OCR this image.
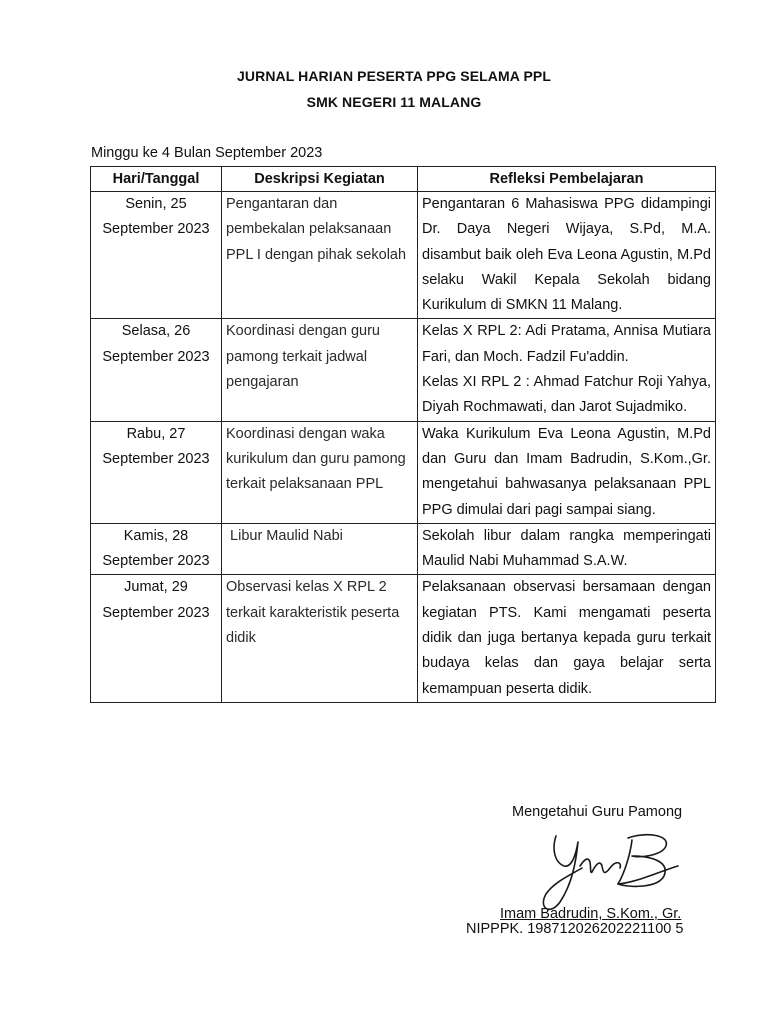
JURNAL HARIAN PESERTA PPG SELAMA PPL
SMK NEGERI 11 MALANG
Minggu ke 4 Bulan September 2023
Hari/Tanggal	Deskripsi Kegiatan	Refleksi Pembelajaran
Senin, 25 September 2023	Pengantaran dan pembekalan pelaksanaan PPL I dengan pihak sekolah	Pengantaran 6 Mahasiswa PPG didampingi Dr. Daya Negeri Wijaya, S.Pd, M.A. disambut baik oleh Eva Leona Agustin, M.Pd selaku Wakil Kepala Sekolah bidang Kurikulum di SMKN 11 Malang.

Selasa, 26 September 2023	Koordinasi dengan guru pamong terkait jadwal pengajaran	Kelas X RPL 2: Adi Pratama, Annisa Mutiara Fari, dan Moch. Fadzil Fu'addin.

Kelas XI RPL 2 : Ahmad Fatchur Roji Yahya, Diyah Rochmawati, dan Jarot Sujadmiko.

Rabu, 27 September 2023	Koordinasi dengan waka kurikulum dan guru pamong terkait pelaksanaan PPL	Waka Kurikulum Eva Leona Agustin, M.Pd dan Guru dan Imam Badrudin, S.Kom.,Gr. mengetahui bahwasanya pelaksanaan PPL PPG dimulai dari pagi sampai siang.

Kamis, 28 September 2023	Libur Maulid Nabi	Sekolah libur dalam rangka memperingati Maulid Nabi Muhammad S.A.W.

Jumat, 29 September 2023	Observasi kelas X RPL 2 terkait karakteristik peserta didik	Pelaksanaan observasi bersamaan dengan kegiatan PTS. Kami mengamati peserta didik dan juga bertanya kepada guru terkait budaya kelas dan gaya belajar serta kemampuan peserta didik.

Mengetahui Guru Pamong
Imam Badrudin, S.Kom., Gr.
NIPPPK. 198712026202221100 5
